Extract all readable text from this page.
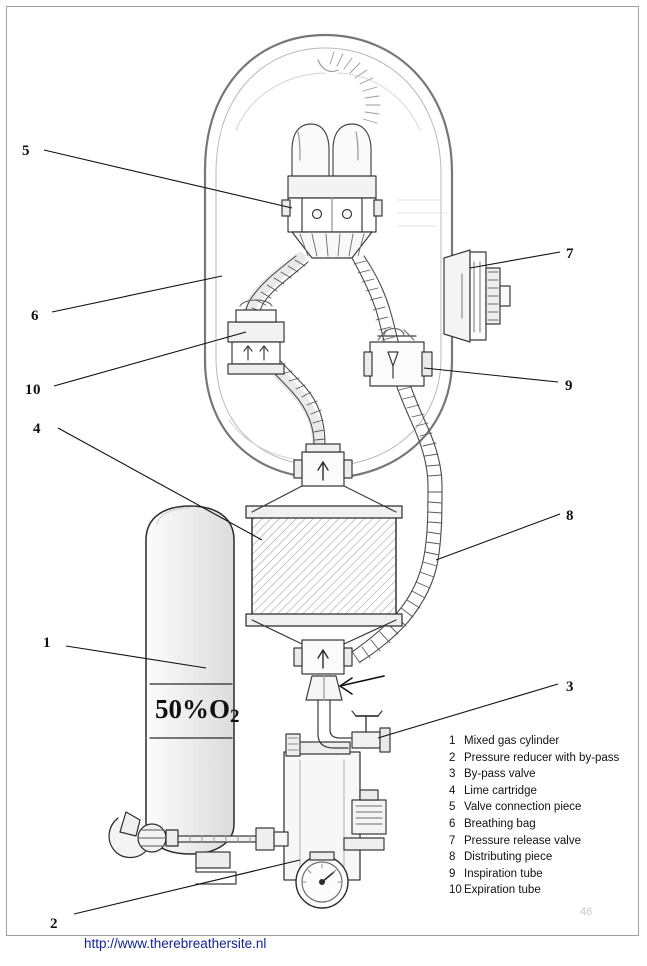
5
6
10
4
1
2
7
9
8
3
$50\%O_2$
1 Mixed gas cylinder
2 Pressure reducer with by-pass
3 By-pass valve
4 Lime cartridge
5 Valve connection piece
6 Breathing bag
7 Pressure release valve
8 Distributing piece
9 Inspiration tube
10 Expiration tube
46
http://www.therebreathersite.nl
